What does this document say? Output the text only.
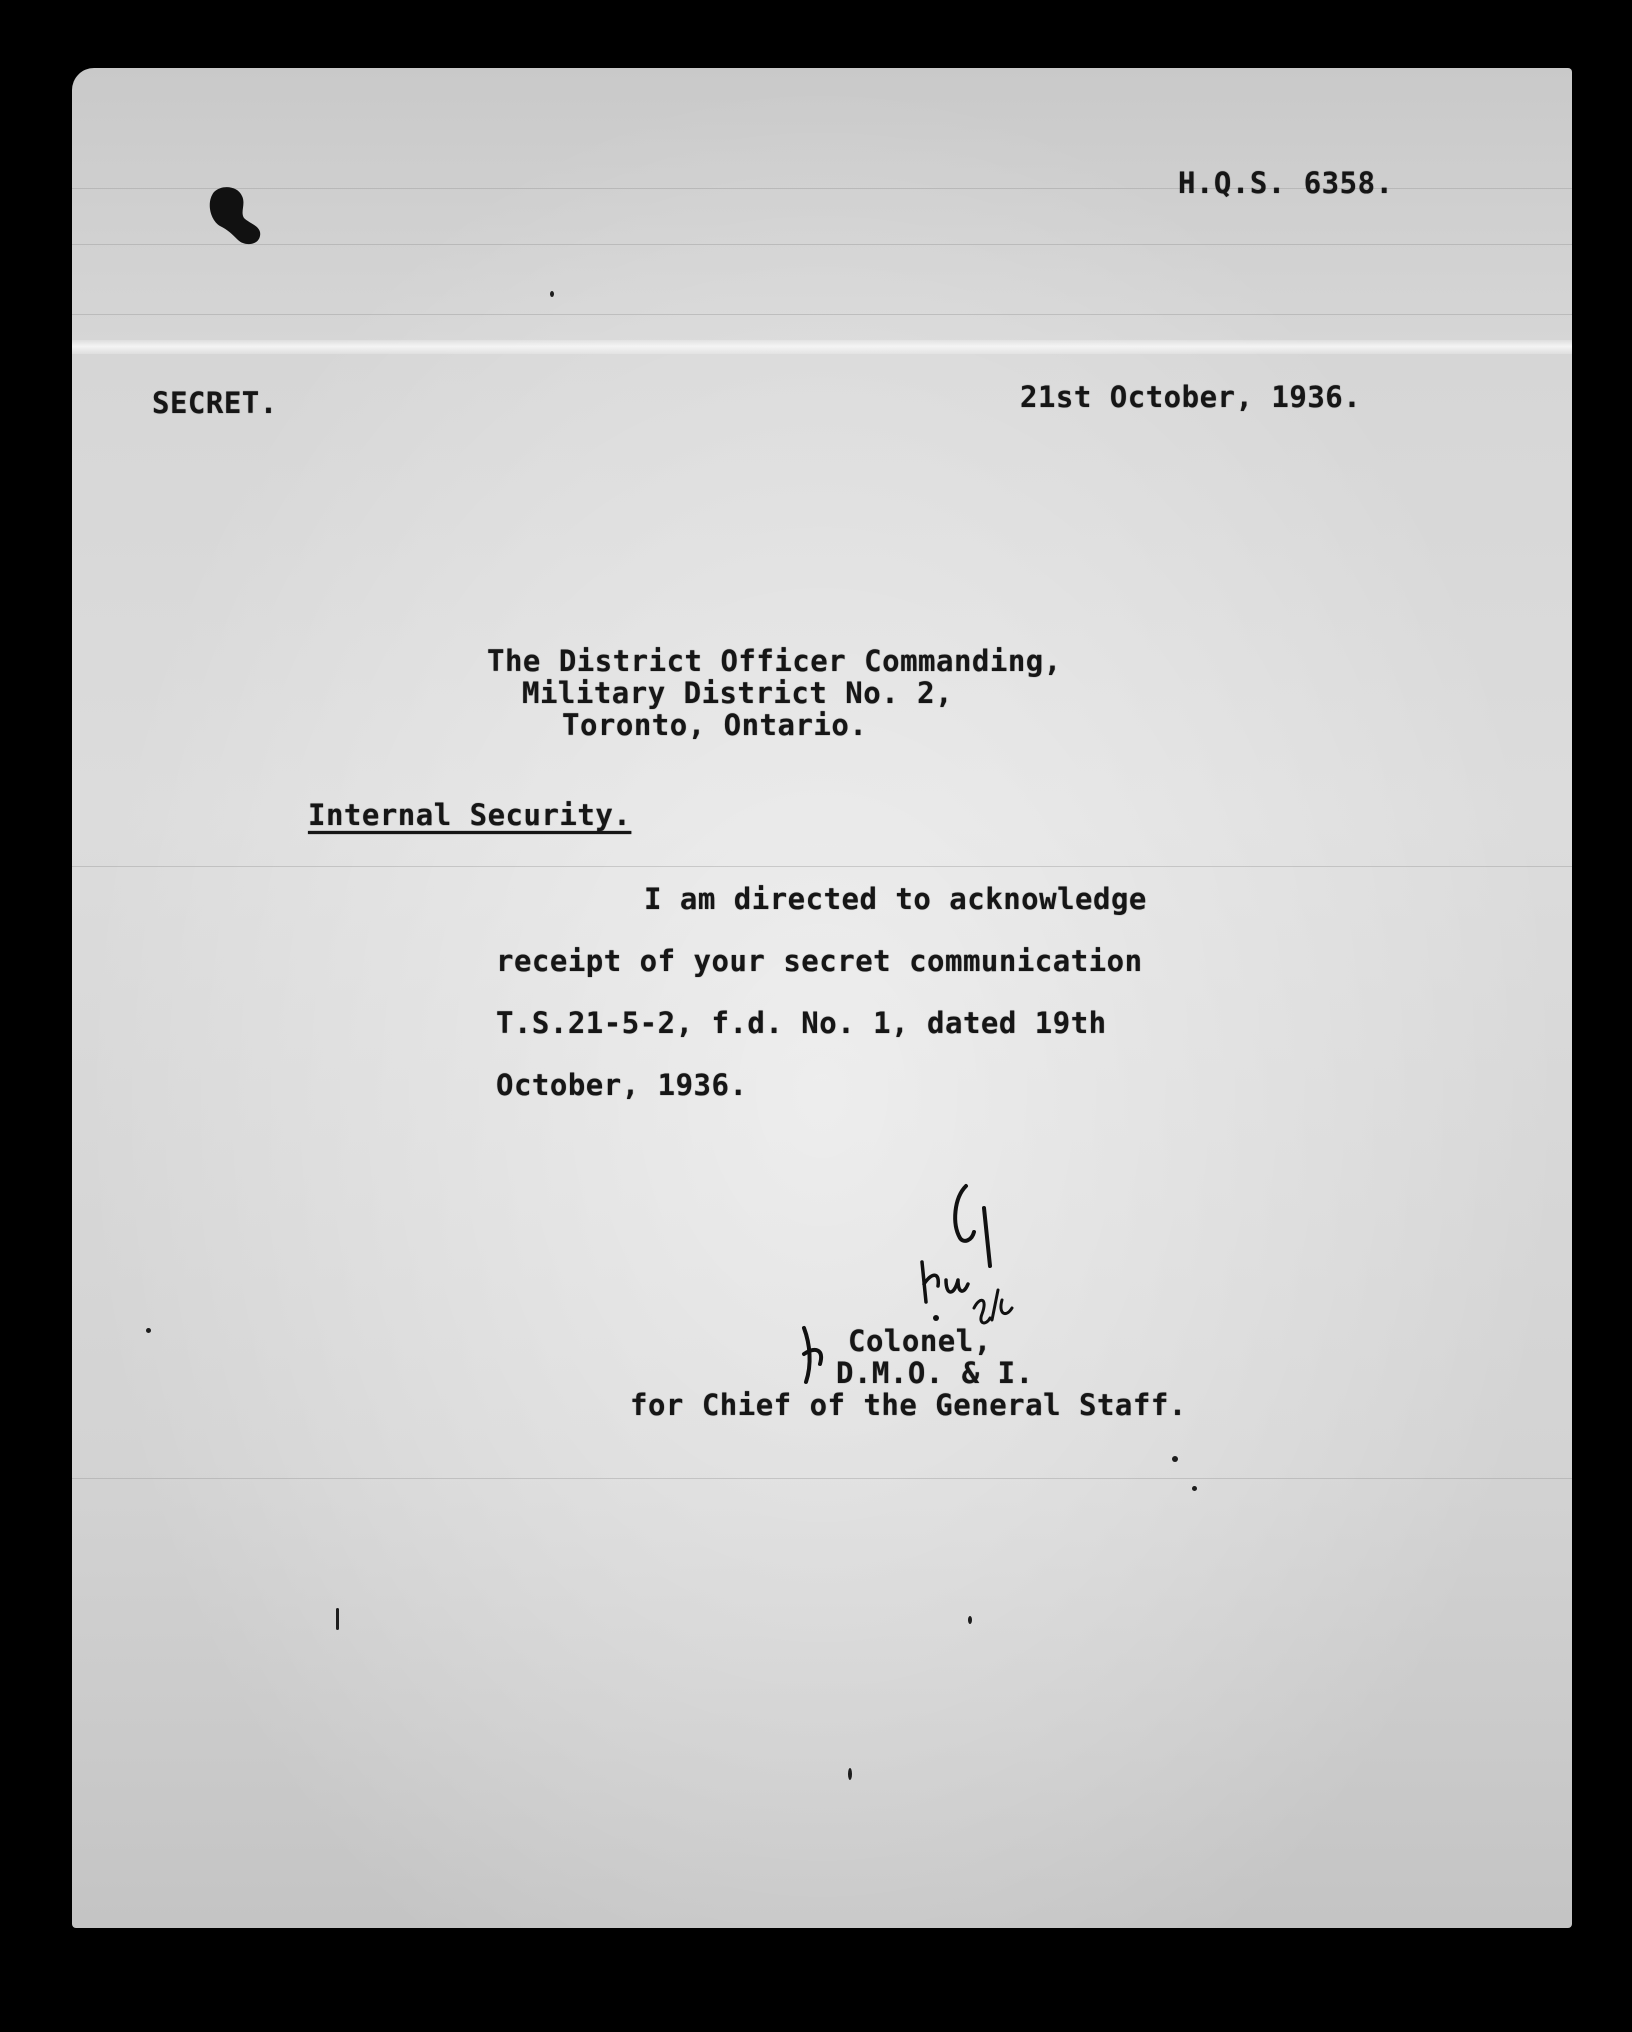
H.Q.S. 6358.
SECRET.	21st October, 1936.
The District Officer Commanding,
Military District No. 2,
Toronto, Ontario.
Internal Security.
I am directed to acknowledge
receipt of your secret communication
T.S.21-5-2, f.d. No. 1, dated 19th
October, 1936.
Colonel,
D.M.O. & I.
for Chief of the General Staff.
